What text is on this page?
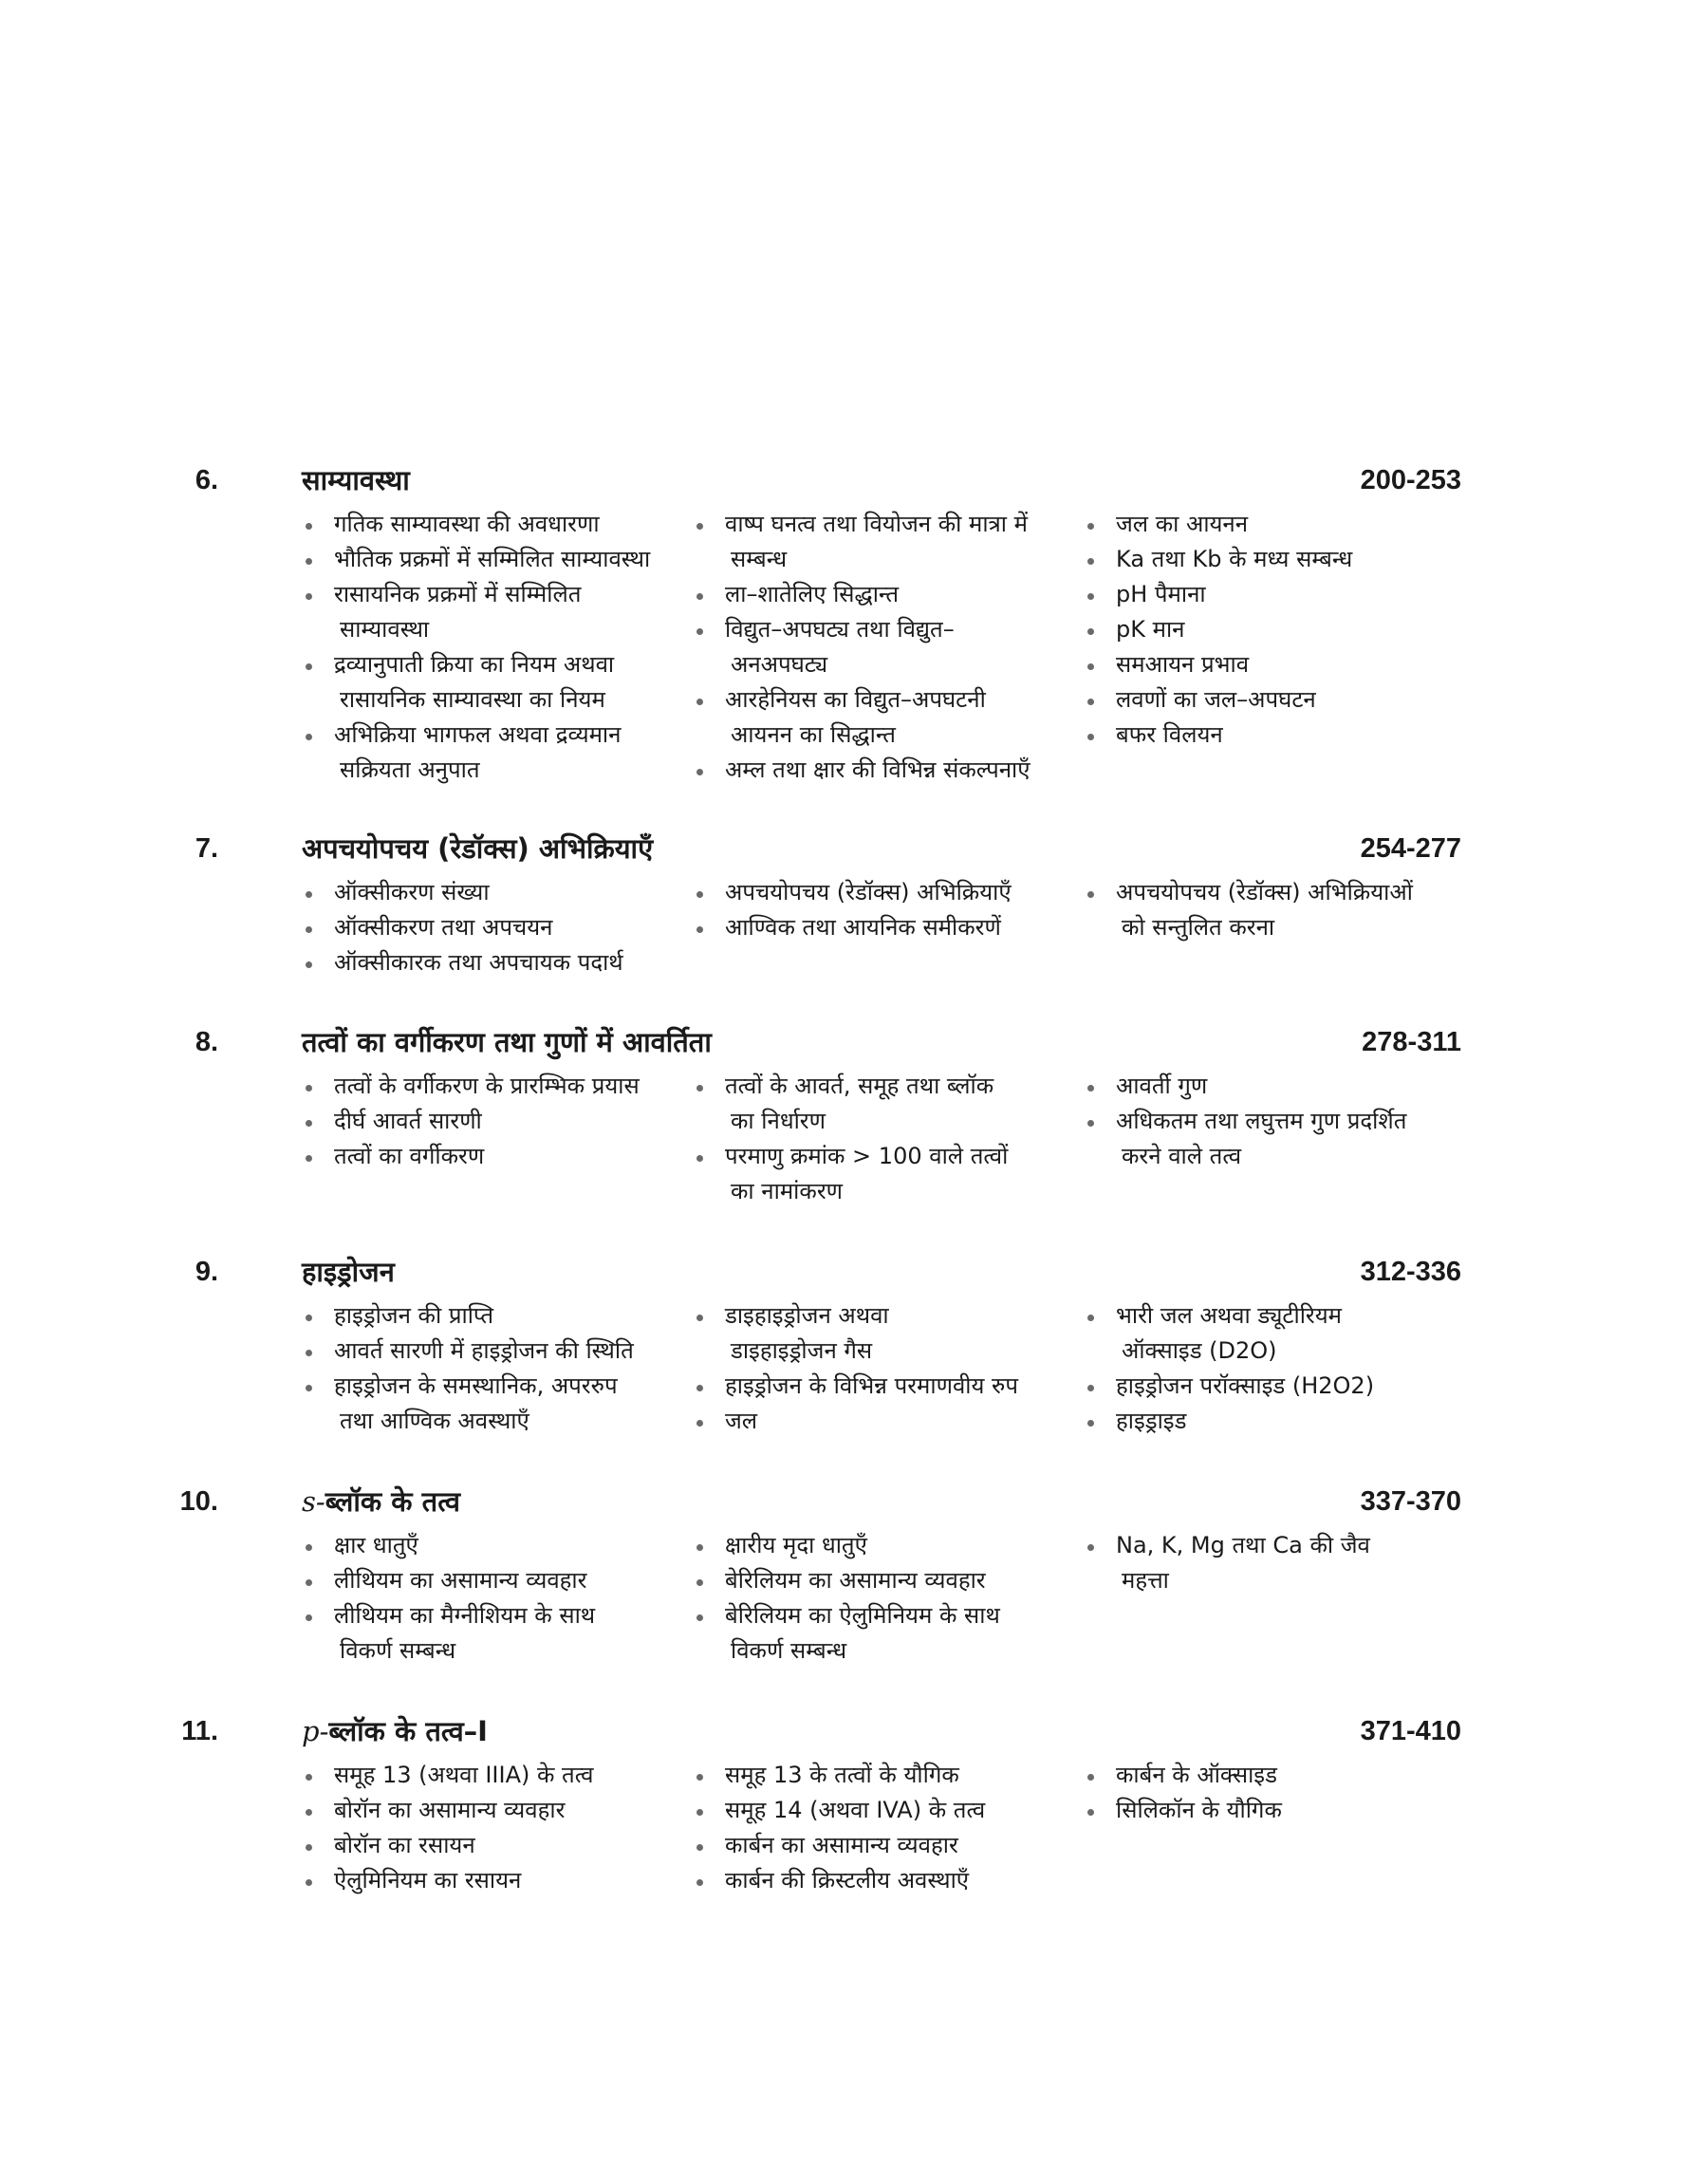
6.	साम्यावस्था	200-253
गतिक साम्यावस्था की अवधारणा
भौतिक प्रक्रमों में सम्मिलित साम्यावस्था
रासायनिक प्रक्रमों में सम्मिलित
साम्यावस्था
द्रव्यानुपाती क्रिया का नियम अथवा
रासायनिक साम्यावस्था का नियम
अभिक्रिया भागफल अथवा द्रव्यमान
सक्रियता अनुपात
वाष्प घनत्व तथा वियोजन की मात्रा में
सम्बन्ध
ला–शातेलिए सिद्धान्त
विद्युत–अपघट्य तथा विद्युत–
अनअपघट्य
आरहेनियस का विद्युत–अपघटनी
आयनन का सिद्धान्त
अम्ल तथा क्षार की विभिन्न संकल्पनाएँ
जल का आयनन
Ka तथा Kb के मध्य सम्बन्ध
pH पैमाना
pK मान
समआयन प्रभाव
लवणों का जल–अपघटन
बफर विलयन
7.	अपचयोपचय (रेडॉक्स) अभिक्रियाएँ	254-277
ऑक्सीकरण संख्या
ऑक्सीकरण तथा अपचयन
ऑक्सीकारक तथा अपचायक पदार्थ
अपचयोपचय (रेडॉक्स) अभिक्रियाएँ
आण्विक तथा आयनिक समीकरणें
अपचयोपचय (रेडॉक्स) अभिक्रियाओं
को सन्तुलित करना
8.	तत्वों का वर्गीकरण तथा गुणों में आवर्तिता	278-311
तत्वों के वर्गीकरण के प्रारम्भिक प्रयास
दीर्घ आवर्त सारणी
तत्वों का वर्गीकरण
तत्वों के आवर्त, समूह तथा ब्लॉक
का निर्धारण
परमाणु क्रमांक > 100 वाले तत्वों
का नामांकरण
आवर्ती गुण
अधिकतम तथा लघुत्तम गुण प्रदर्शित
करने वाले तत्व
9.	हाइड्रोजन	312-336
हाइड्रोजन की प्राप्ति
आवर्त सारणी में हाइड्रोजन की स्थिति
हाइड्रोजन के समस्थानिक, अपररुप
तथा आण्विक अवस्थाएँ
डाइहाइड्रोजन अथवा
डाइहाइड्रोजन गैस
हाइड्रोजन के विभिन्न परमाणवीय रुप
जल
भारी जल अथवा ड्यूटीरियम
ऑक्साइड (D2O)
हाइड्रोजन परॉक्साइड (H2O2)
हाइड्राइड
10.	s-ब्लॉक के तत्व	337-370
क्षार धातुएँ
लीथियम का असामान्य व्यवहार
लीथियम का मैग्नीशियम के साथ
विकर्ण सम्बन्ध
क्षारीय मृदा धातुएँ
बेरिलियम का असामान्य व्यवहार
बेरिलियम का ऐलुमिनियम के साथ
विकर्ण सम्बन्ध
Na, K, Mg तथा Ca की जैव
महत्ता
11.	p-ब्लॉक के तत्व–I	371-410
समूह 13 (अथवा IIIA) के तत्व
बोरॉन का असामान्य व्यवहार
बोरॉन का रसायन
ऐलुमिनियम का रसायन
समूह 13 के तत्वों के यौगिक
समूह 14 (अथवा IVA) के तत्व
कार्बन का असामान्य व्यवहार
कार्बन की क्रिस्टलीय अवस्थाएँ
कार्बन के ऑक्साइड
सिलिकॉन के यौगिक
